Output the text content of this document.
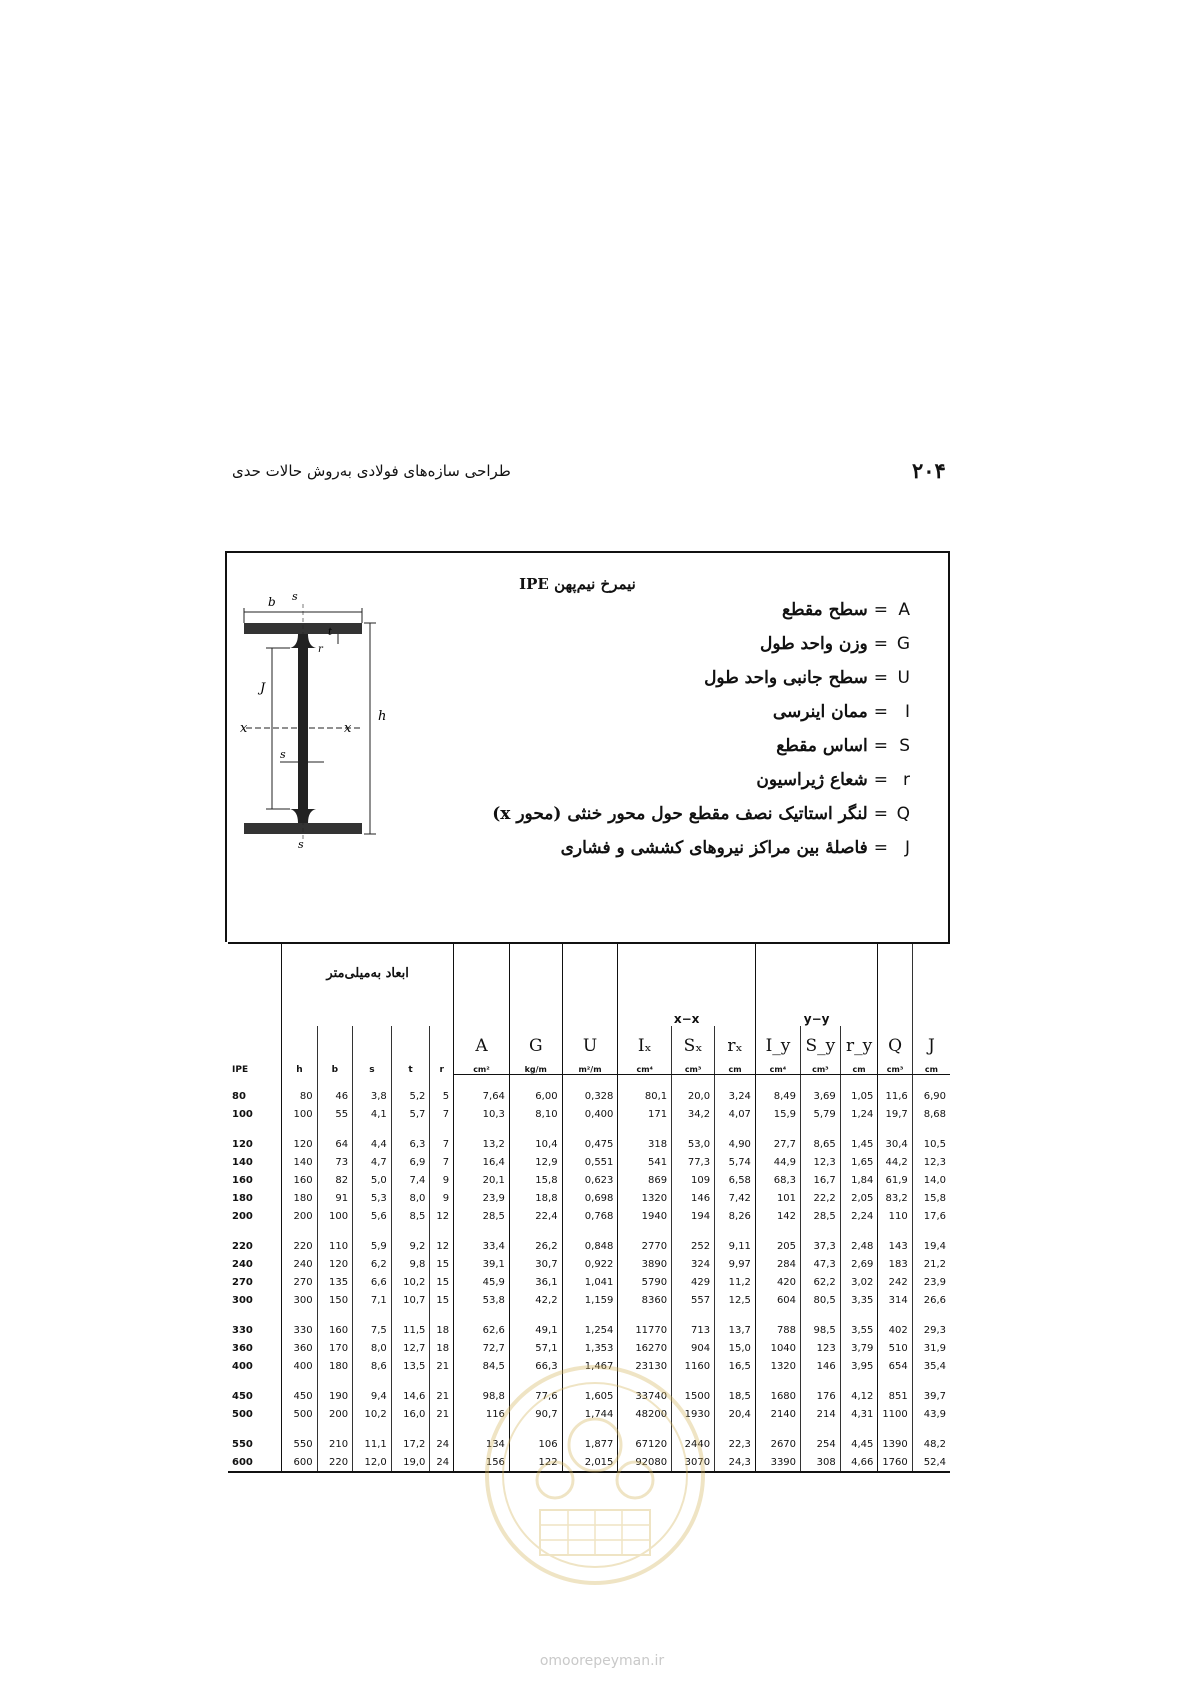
۲۰۴
طراحی سازه‌های فولادی به‌روش حالات حدی
b s
h
J
x	x
s
t
r
s
نیمرخ نیم‌پهن IPE
A=سطح مقطع
G=وزن واحد طول
U=سطح جانبی واحد طول
I=ممان اینرسی
S=اساس مقطع
r=شعاع ژیراسیون
Q=لنگر استاتیک نصف مقطع حول محور خنثی (محور x)
J=فاصلهٔ بین مراکز نیروهای کششی و فشاری
	ابعاد به‌میلی‌متر					A	G	U	x−x			y−y			Q	J

IPE	h	b	s	t	r				Iₓ	Sₓ	rₓ	I_y	S_y	r_y		

						cm²	kg/m	m²/m	cm⁴	cm³	cm	cm⁴	cm³	cm	cm³	cm

80	80	46	3,8	5,2	5	7,64	6,00	0,328	80,1	20,0	3,24	8,49	3,69	1,05	11,6	6,90
100	100	55	4,1	5,7	7	10,3	8,10	0,400	171	34,2	4,07	15,9	5,79	1,24	19,7	8,68

120	120	64	4,4	6,3	7	13,2	10,4	0,475	318	53,0	4,90	27,7	8,65	1,45	30,4	10,5
140	140	73	4,7	6,9	7	16,4	12,9	0,551	541	77,3	5,74	44,9	12,3	1,65	44,2	12,3
160	160	82	5,0	7,4	9	20,1	15,8	0,623	869	109	6,58	68,3	16,7	1,84	61,9	14,0
180	180	91	5,3	8,0	9	23,9	18,8	0,698	1320	146	7,42	101	22,2	2,05	83,2	15,8
200	200	100	5,6	8,5	12	28,5	22,4	0,768	1940	194	8,26	142	28,5	2,24	110	17,6

220	220	110	5,9	9,2	12	33,4	26,2	0,848	2770	252	9,11	205	37,3	2,48	143	19,4
240	240	120	6,2	9,8	15	39,1	30,7	0,922	3890	324	9,97	284	47,3	2,69	183	21,2
270	270	135	6,6	10,2	15	45,9	36,1	1,041	5790	429	11,2	420	62,2	3,02	242	23,9
300	300	150	7,1	10,7	15	53,8	42,2	1,159	8360	557	12,5	604	80,5	3,35	314	26,6

330	330	160	7,5	11,5	18	62,6	49,1	1,254	11770	713	13,7	788	98,5	3,55	402	29,3
360	360	170	8,0	12,7	18	72,7	57,1	1,353	16270	904	15,0	1040	123	3,79	510	31,9
400	400	180	8,6	13,5	21	84,5	66,3	1,467	23130	1160	16,5	1320	146	3,95	654	35,4

450	450	190	9,4	14,6	21	98,8	77,6	1,605	33740	1500	18,5	1680	176	4,12	851	39,7
500	500	200	10,2	16,0	21	116	90,7	1,744	48200	1930	20,4	2140	214	4,31	1100	43,9

550	550	210	11,1	17,2	24	134	106	1,877	67120	2440	22,3	2670	254	4,45	1390	48,2
600	600	220	12,0	19,0	24	156	122	2,015	92080	3070	24,3	3390	308	4,66	1760	52,4
omoorepeyman.ir
